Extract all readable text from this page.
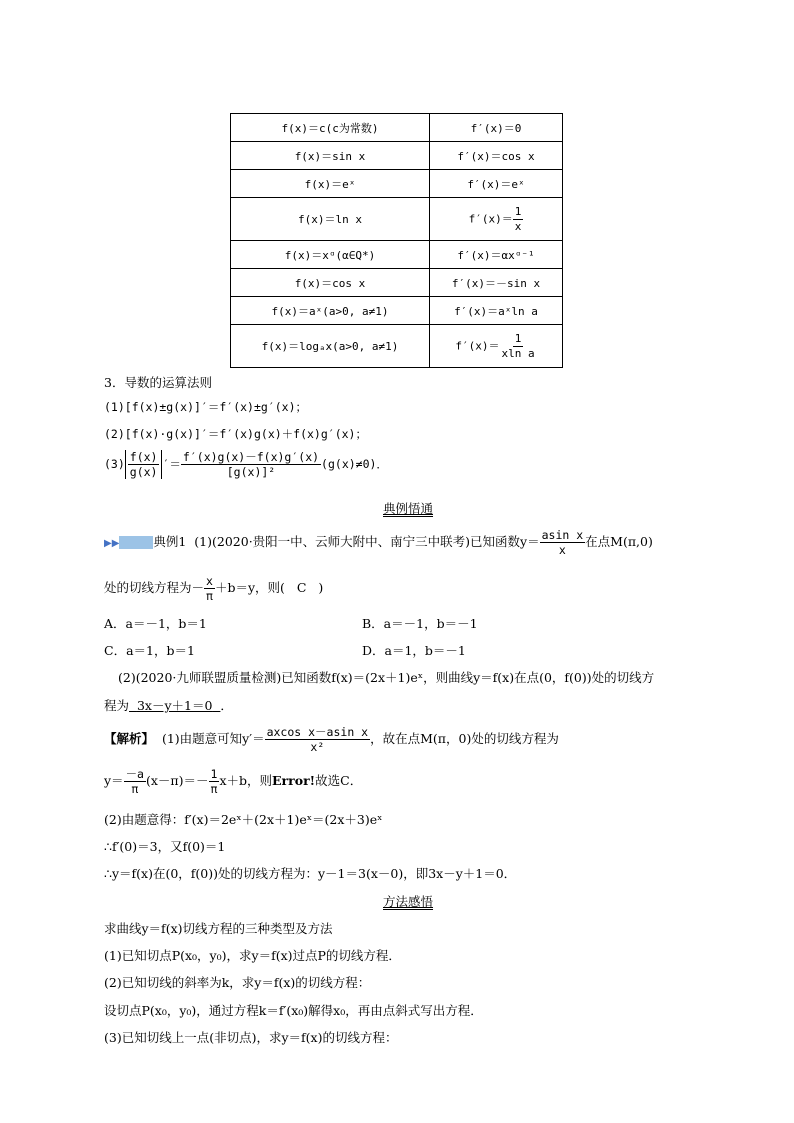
f(x)＝c(c为常数)	f′(x)＝0
f(x)＝sin x	f′(x)＝cos x
f(x)＝eˣ	f′(x)＝eˣ
f(x)＝ln x	$f'(x)= \frac{1}{x}$

f(x)＝xᵅ(α∈Q*)	f′(x)＝αxᵅ⁻¹
f(x)＝cos x	f′(x)＝－sin x
f(x)＝aˣ(a>0, a≠1)	f′(x)＝aˣln a
f(x)＝logₐx(a>0, a≠1)	$f'(x)= \frac{1}{\text{xln a}}$
3．导数的运算法则
(1)[f(x)±g(x)]′＝f′(x)±g′(x)；
(2)[f(x)·g(x)]′＝f′(x)g(x)＋f(x)g′(x)；
$(3) \frac{f(x)}{g(x)}$ ′＝ $\frac{f'(x)g(x)-f(x)g'(x)}{\text{[g(x)]²}} (g(x)\ne 0)$．
典例悟通
▶▶	典例1 (1)(2020·贵阳一中、云师大附中、南宁三中联考)已知函数$y= \frac{\text{asin x}}{x}$ 在点M(π,0)
处的切线方程为－ $\frac{x}{\pi} +b=y$，则( C )
A．a＝－1，b＝1	B．a＝－1，b＝－1
C．a＝1，b＝1	D．a＝1，b＝－1
(2)(2020·九师联盟质量检测)已知函数f(x)＝(2x＋1)eˣ，则曲线y＝f(x)在点(0，f(0))处的切线方
程为 3x－y＋1＝0 ．
【解析】 (1)由题意可知$y'= \frac{\text{axcos x－asin x}}{\text{x²}}$ ，故在点M(π，0)处的切线方程为
$y= \frac{-a}{\pi} (x-\pi)=- \frac{1}{\pi} x+b$，则Error!故选C．
(2)由题意得：f′(x)＝2eˣ＋(2x＋1)eˣ＝(2x＋3)eˣ
∴f′(0)＝3，又f(0)＝1
∴y＝f(x)在(0，f(0))处的切线方程为：y－1＝3(x－0)，即3x－y＋1＝0．
方法感悟
求曲线y＝f(x)切线方程的三种类型及方法
(1)已知切点P(x₀，y₀)，求y＝f(x)过点P的切线方程．
(2)已知切线的斜率为k，求y＝f(x)的切线方程：
设切点P(x₀，y₀)，通过方程k＝f′(x₀)解得x₀，再由点斜式写出方程．
(3)已知切线上一点(非切点)，求y＝f(x)的切线方程：
